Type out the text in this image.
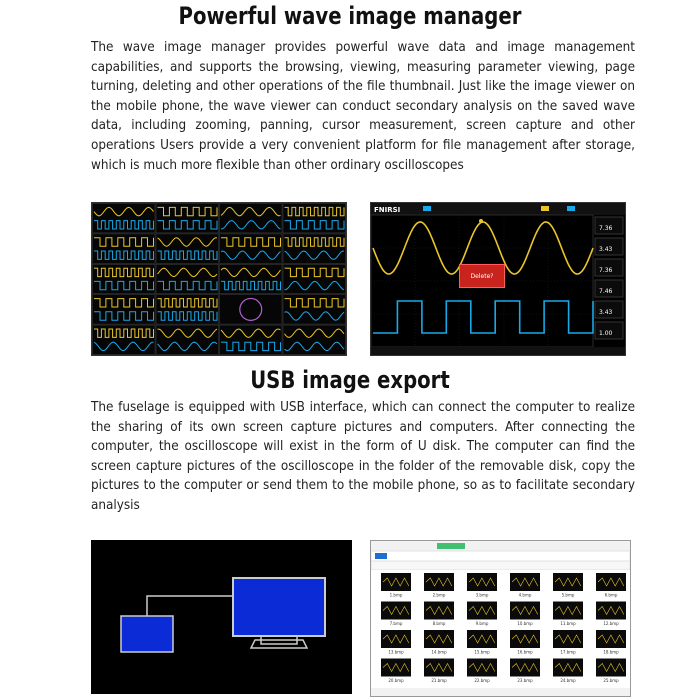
Powerful wave image manager
The wave image manager provides powerful wave data and image management capabilities, and supports the browsing, viewing, measuring parameter viewing, page turning, deleting and other operations of the file thumbnail. Just like the image viewer on the mobile phone, the wave viewer can conduct secondary analysis on the saved wave data, including zooming, panning, cursor measurement, screen capture and other operations Users provide a very convenient platform for file management after storage, which is much more flexible than other ordinary oscilloscopes
FNIRSI
7.36
3.43
7.36
7.46
3.43
1.00
Delete?
USB image export
The fuselage is equipped with USB interface, which can connect the computer to realize the sharing of its own screen capture pictures and computers. After connecting the computer, the oscilloscope will exist in the form of U disk. The computer can find the screen capture pictures of the oscilloscope in the folder of the removable disk, copy the pictures to the computer or send them to the mobile phone, so as to facilitate secondary analysis
1.bmp	2.bmp	3.bmp	4.bmp	5.bmp	6.bmp
7.bmp	8.bmp	9.bmp	10.bmp	11.bmp	12.bmp
13.bmp	14.bmp	15.bmp	16.bmp	17.bmp	18.bmp
20.bmp	21.bmp	22.bmp	23.bmp	24.bmp	25.bmp
